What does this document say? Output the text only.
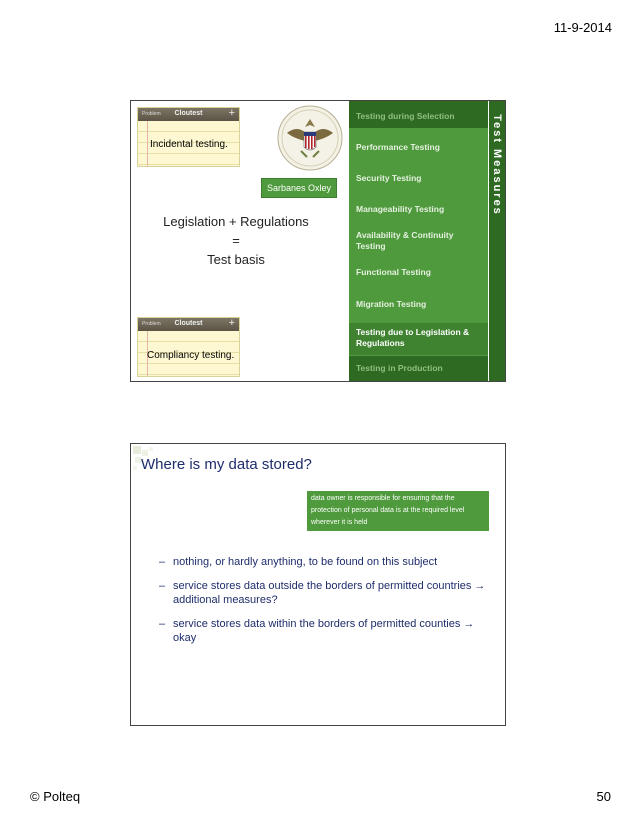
11-9-2014
Problem	Cloutest	+
Incidental testing.
Sarbanes Oxley
Legislation + Regulations
=
Test basis
Problem	Cloutest	+
Compliancy testing.
Testing during Selection
Performance Testing
Security Testing
Manageability Testing
Availability & Continuity Testing
Functional Testing
Migration Testing
Testing due to Legislation & Regulations
Testing in Production
Test Measures
Where is my data stored?
data owner is responsible for ensuring that the protection of personal data is at the required level wherever it is held
– nothing, or hardly anything, to be found on this subject
– service stores data outside the borders of permitted countries → additional measures?
– service stores data within the borders of permitted counties → okay
© Polteq	50
